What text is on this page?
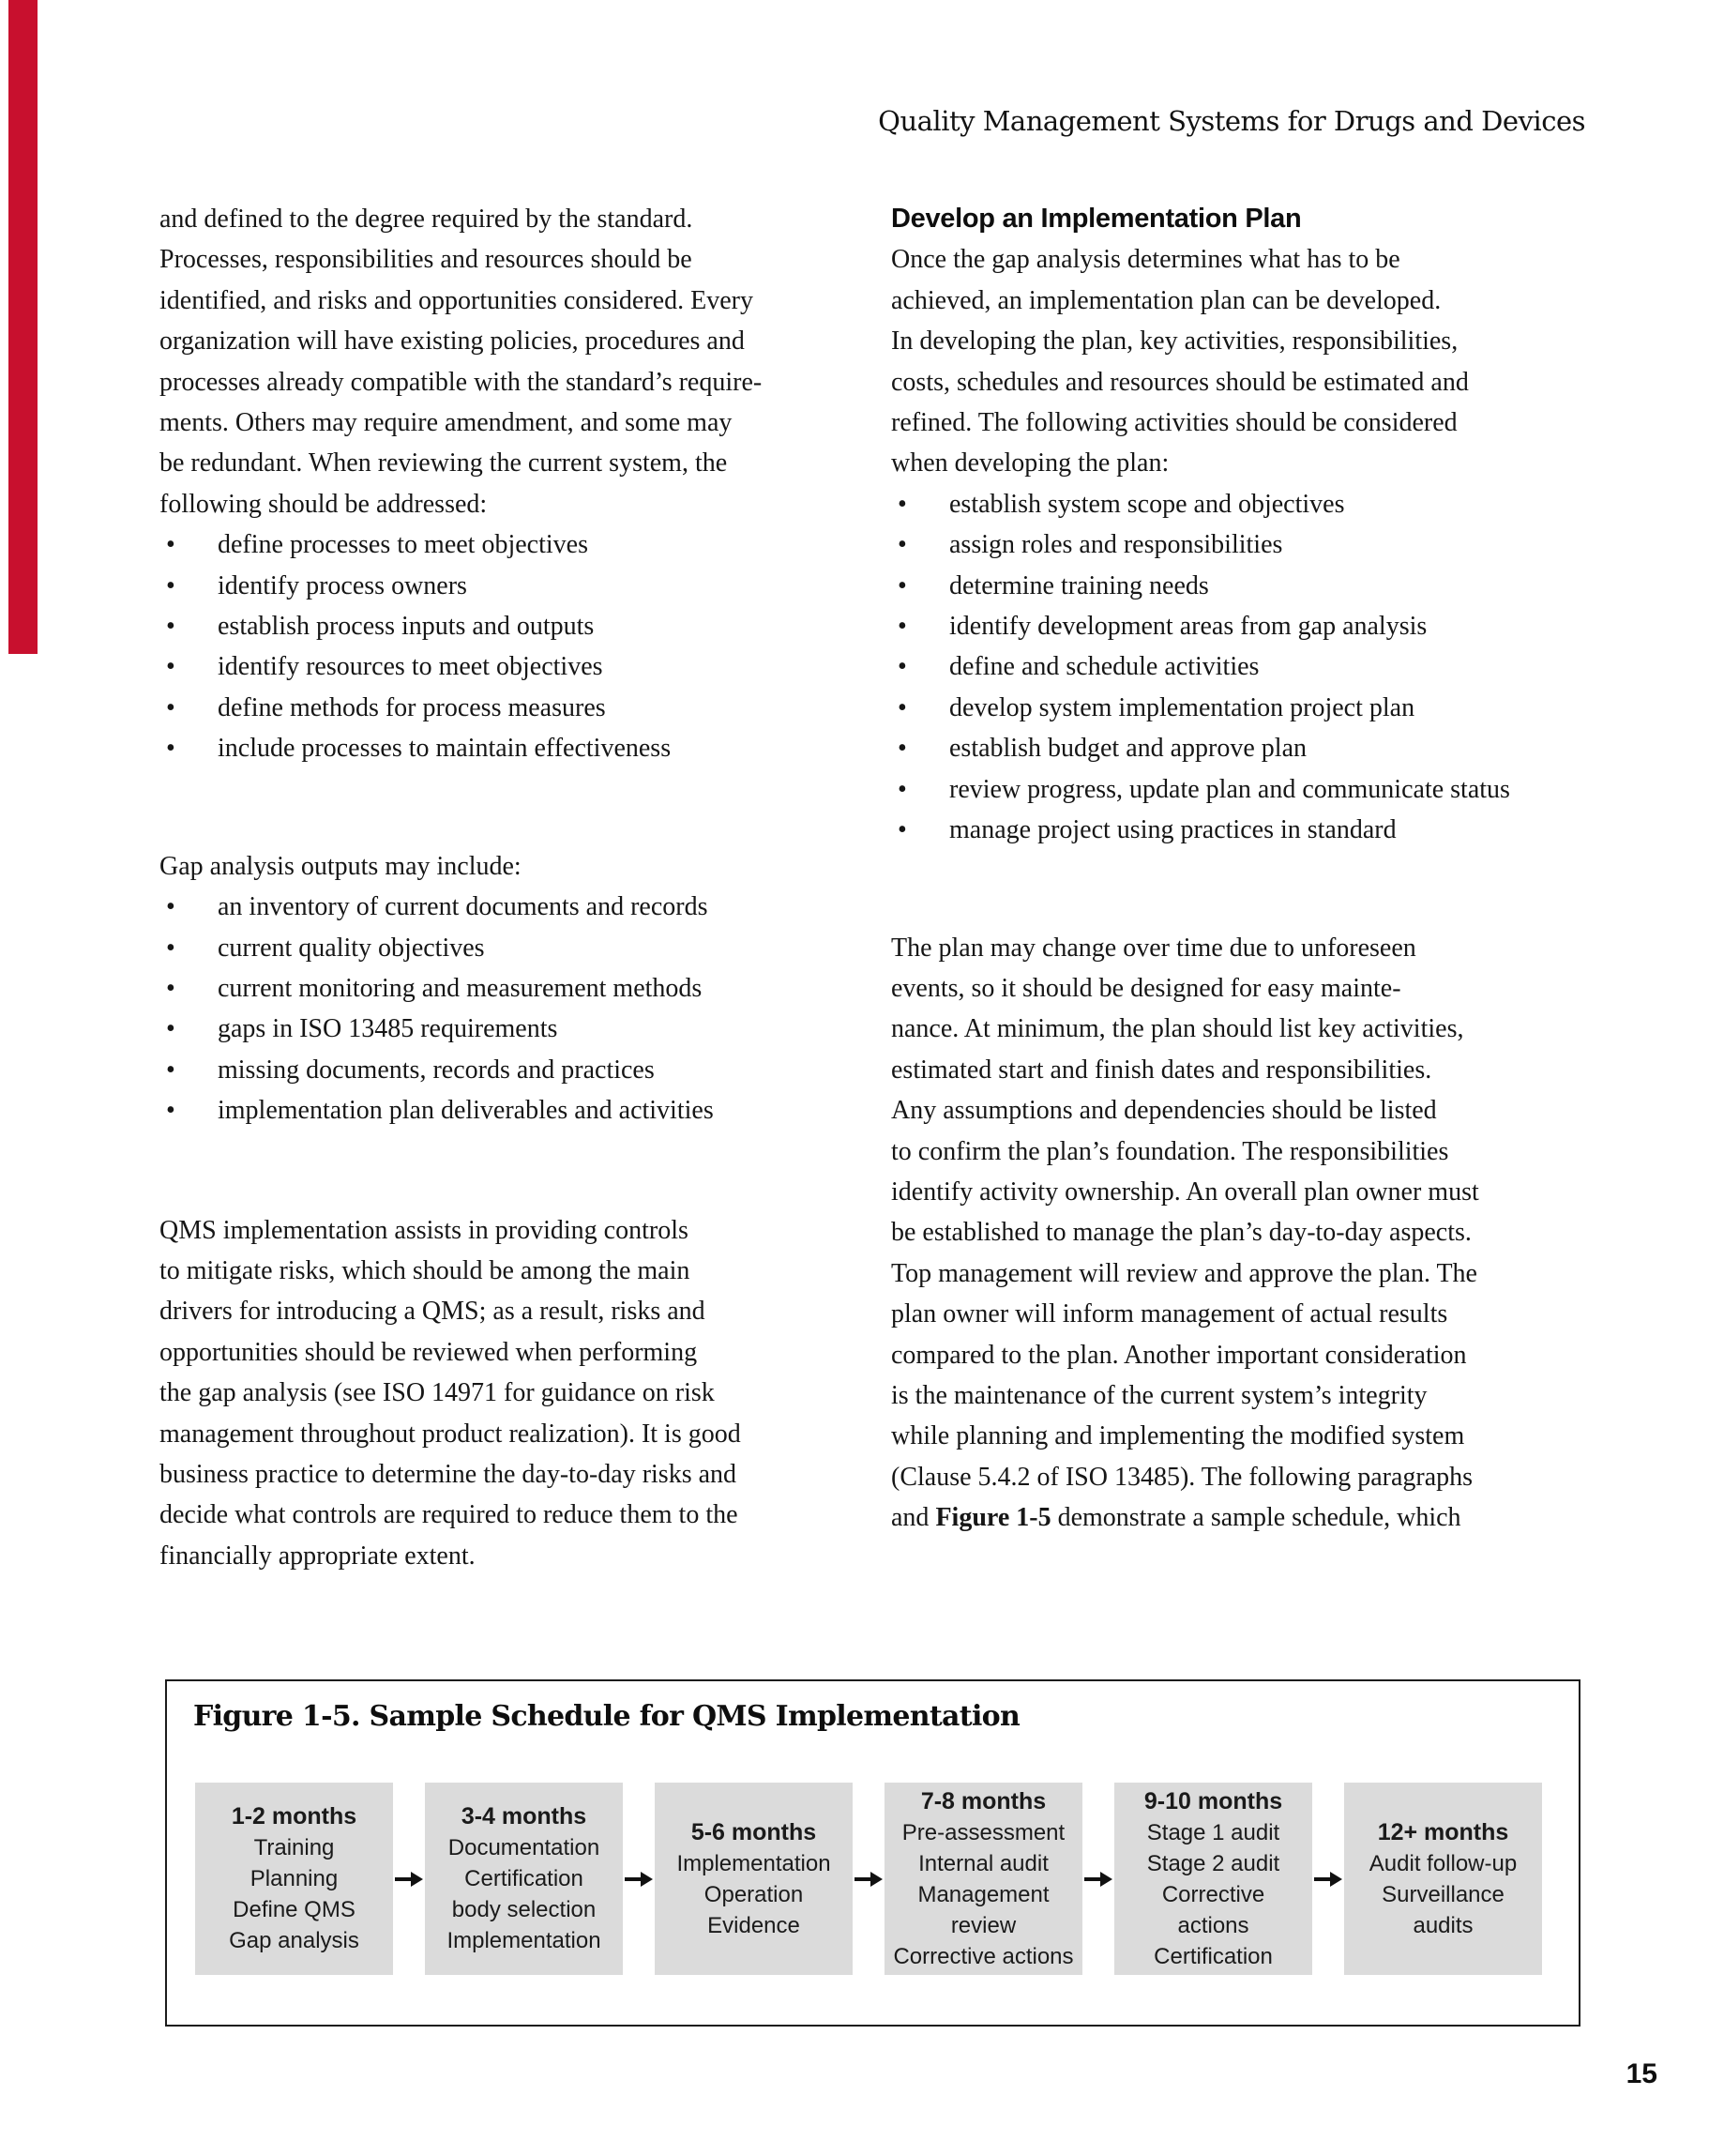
Quality Management Systems for Drugs and Devices
and defined to the degree required by the standard.
Processes, responsibilities and resources should be
identified, and risks and opportunities considered. Every
organization will have existing policies, procedures and
processes already compatible with the standard’s require-
ments. Others may require amendment, and some may
be redundant. When reviewing the current system, the
following should be addressed:
• define processes to meet objectives
• identify process owners
• establish process inputs and outputs
• identify resources to meet objectives
• define methods for process measures
• include processes to maintain effectiveness
Gap analysis outputs may include:
• an inventory of current documents and records
• current quality objectives
• current monitoring and measurement methods
• gaps in ISO 13485 requirements
• missing documents, records and practices
• implementation plan deliverables and activities
QMS implementation assists in providing controls
to mitigate risks, which should be among the main
drivers for introducing a QMS; as a result, risks and
opportunities should be reviewed when performing
the gap analysis (see ISO 14971 for guidance on risk
management throughout product realization). It is good
business practice to determine the day-to-day risks and
decide what controls are required to reduce them to the
financially appropriate extent.
Develop an Implementation Plan
Once the gap analysis determines what has to be
achieved, an implementation plan can be developed.
In developing the plan, key activities, responsibilities,
costs, schedules and resources should be estimated and
refined. The following activities should be considered
when developing the plan:
• establish system scope and objectives
• assign roles and responsibilities
• determine training needs
• identify development areas from gap analysis
• define and schedule activities
• develop system implementation project plan
• establish budget and approve plan
• review progress, update plan and communicate status
• manage project using practices in standard
The plan may change over time due to unforeseen
events, so it should be designed for easy mainte-
nance. At minimum, the plan should list key activities,
estimated start and finish dates and responsibilities.
Any assumptions and dependencies should be listed
to confirm the plan’s foundation. The responsibilities
identify activity ownership. An overall plan owner must
be established to manage the plan’s day-to-day aspects.
Top management will review and approve the plan. The
plan owner will inform management of actual results
compared to the plan. Another important consideration
is the maintenance of the current system’s integrity
while planning and implementing the modified system
(Clause 5.4.2 of ISO 13485). The following paragraphs
and Figure 1-5 demonstrate a sample schedule, which
Figure 1-5. Sample Schedule for QMS Implementation
1-2 months
Training
Planning
Define QMS
Gap analysis
3-4 months
Documentation
Certification
body selection
Implementation
5-6 months
Implementation
Operation
Evidence
7-8 months
Pre-assessment
Internal audit
Management
review
Corrective actions
9-10 months
Stage 1 audit
Stage 2 audit
Corrective
actions
Certification
12+ months
Audit follow-up
Surveillance
audits
15
